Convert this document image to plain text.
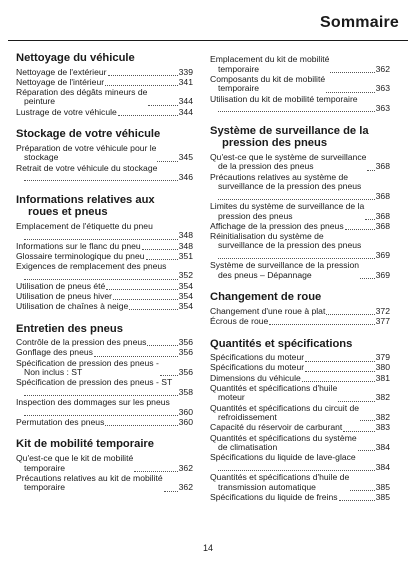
Sommaire
Nettoyage du véhicule
Nettoyage de l'extérieur	339
Nettoyage de l'intérieur	341
Réparation des dégâts mineurs de
peinture	344
Lustrage de votre véhicule	344
Stockage de votre véhicule
Préparation de votre véhicule pour le
stockage	345
Retrait de votre véhicule du stockage
346
Informations relatives aux
roues et pneus
Emplacement de l'étiquette du pneu
348
Informations sur le flanc du pneu	348
Glossaire terminologique du pneu	351
Exigences de remplacement des pneus
352
Utilisation de pneus été	354
Utilisation de pneus hiver	354
Utilisation de chaînes à neige	354
Entretien des pneus
Contrôle de la pression des pneus	356
Gonflage des pneus	356
Spécification de pression des pneus -
Non inclus : ST	356
Spécification de pression des pneus - ST
358
Inspection des dommages sur les pneus
360
Permutation des pneus	360
Kit de mobilité temporaire
Qu'est-ce que le kit de mobilité
temporaire	362
Précautions relatives au kit de mobilité
temporaire	362
Emplacement du kit de mobilité
temporaire	362
Composants du kit de mobilité
temporaire	363
Utilisation du kit de mobilité temporaire
363
Système de surveillance de la
pression des pneus
Qu'est-ce que le système de surveillance
de la pression des pneus	368
Précautions relatives au système de
surveillance de la pression des pneus
368
Limites du système de surveillance de la
pression des pneus	368
Affichage de la pression des pneus	368
Réinitialisation du système de
surveillance de la pression des pneus
369
Système de surveillance de la pression
des pneus – Dépannage	369
Changement de roue
Changement d'une roue à plat	372
Écrous de roue	377
Quantités et spécifications
Spécifications du moteur	379
Spécifications du moteur	380
Dimensions du véhicule	381
Quantités et spécifications d'huile
moteur	382
Quantités et spécifications du circuit de
refroidissement	382
Capacité du réservoir de carburant	383
Quantités et spécifications du système
de climatisation	384
Spécifications du liquide de lave-glace
384
Quantités et spécifications d'huile de
transmission automatique	385
Spécifications du liquide de freins	385
14
